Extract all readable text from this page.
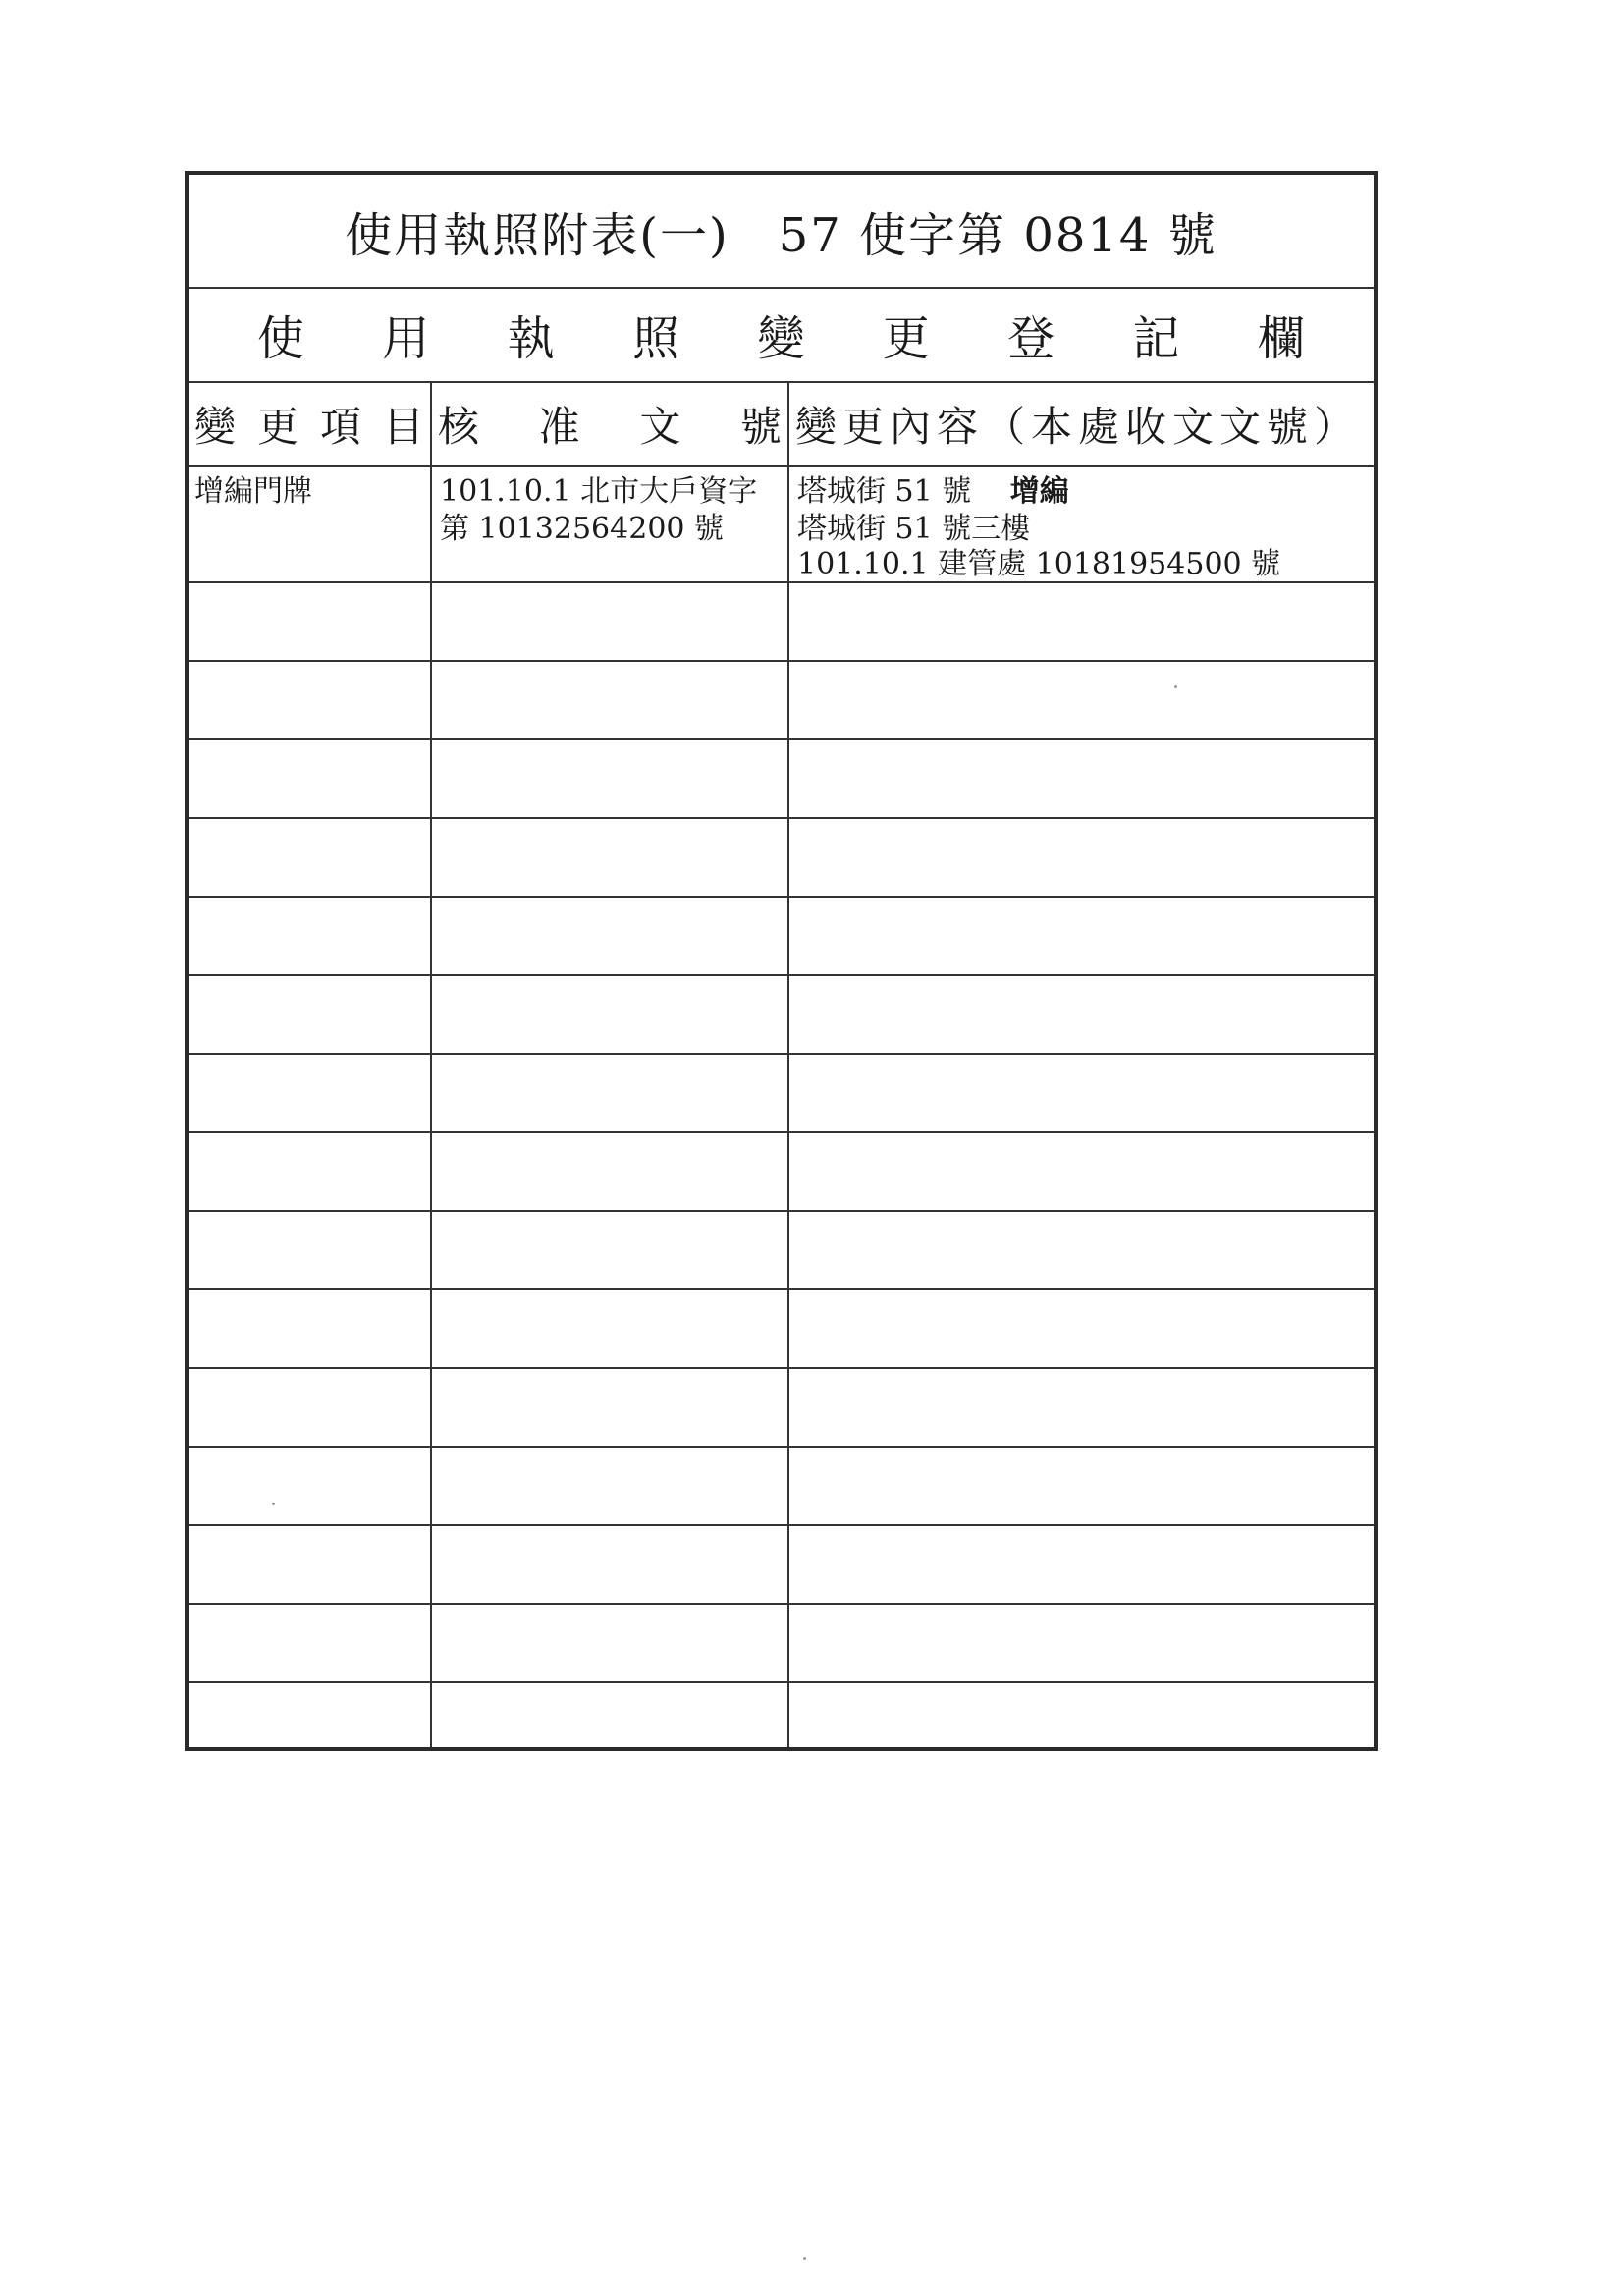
使用執照附表(一)　57 使字第 0814 號
使 用 執 照 變 更 登 記 欄
變 更 項 目 核 准 文 號 變更內容（本處收文文號）
增編門牌	101.10.1 北市大戶資字
第 10132564200 號
塔城街 51 號 增編
塔城街 51 號三樓
101.10.1 建管處 10181954500 號
